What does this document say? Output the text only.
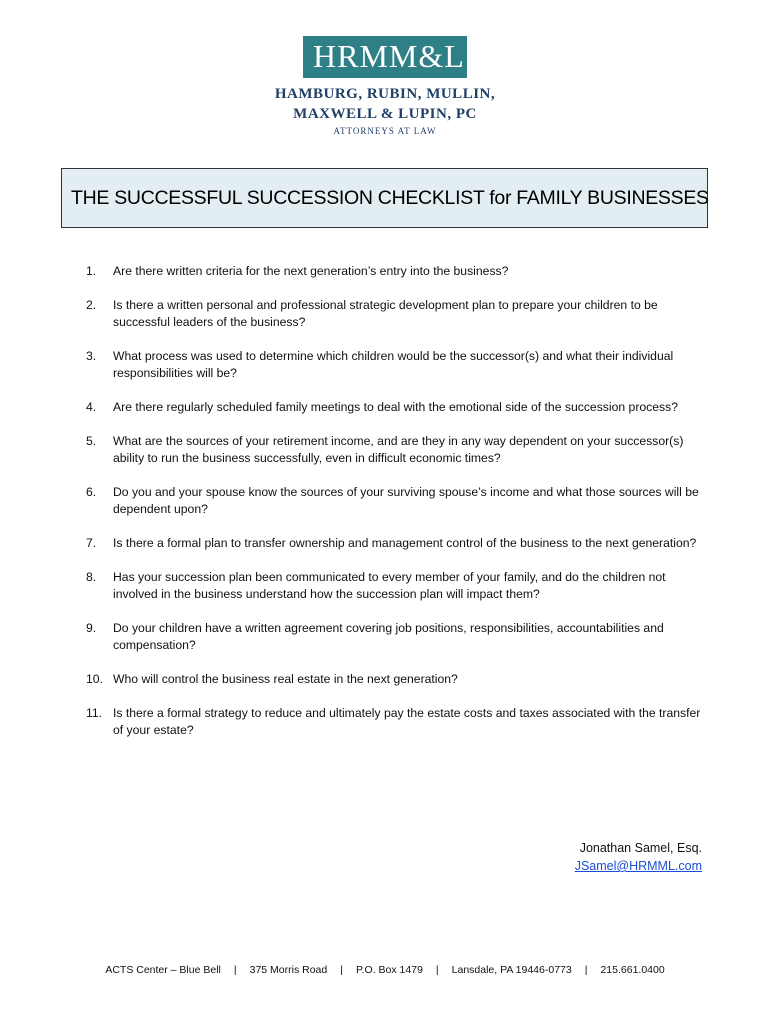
HRMM&L
HAMBURG, RUBIN, MULLIN,
MAXWELL & LUPIN, PC
ATTORNEYS AT LAW
THE SUCCESSFUL SUCCESSION CHECKLIST for FAMILY BUSINESSES
1.	Are there written criteria for the next generation’s entry into the business?
2.	Is there a written personal and professional strategic development plan to prepare your children to be successful leaders of the business?
3.	What process was used to determine which children would be the successor(s) and what their individual responsibilities will be?
4.	Are there regularly scheduled family meetings to deal with the emotional side of the succession process?
5.	What are the sources of your retirement income, and are they in any way dependent on your successor(s) ability to run the business successfully, even in difficult economic times?
6.	Do you and your spouse know the sources of your surviving spouse’s income and what those sources will be dependent upon?
7.	Is there a formal plan to transfer ownership and management control of the business to the next generation?
8.	Has your succession plan been communicated to every member of your family, and do the children not involved in the business understand how the succession plan will impact them?
9.	Do your children have a written agreement covering job positions, responsibilities, accountabilities and compensation?
10. Who will control the business real estate in the next generation?
11. Is there a formal strategy to reduce and ultimately pay the estate costs and taxes associated with the transfer of your estate?
Jonathan Samel, Esq.
JSamel@HRMML.com
ACTS Center – Blue Bell | 375 Morris Road | P.O. Box 1479 | Lansdale, PA 19446-0773 | 215.661.0400
